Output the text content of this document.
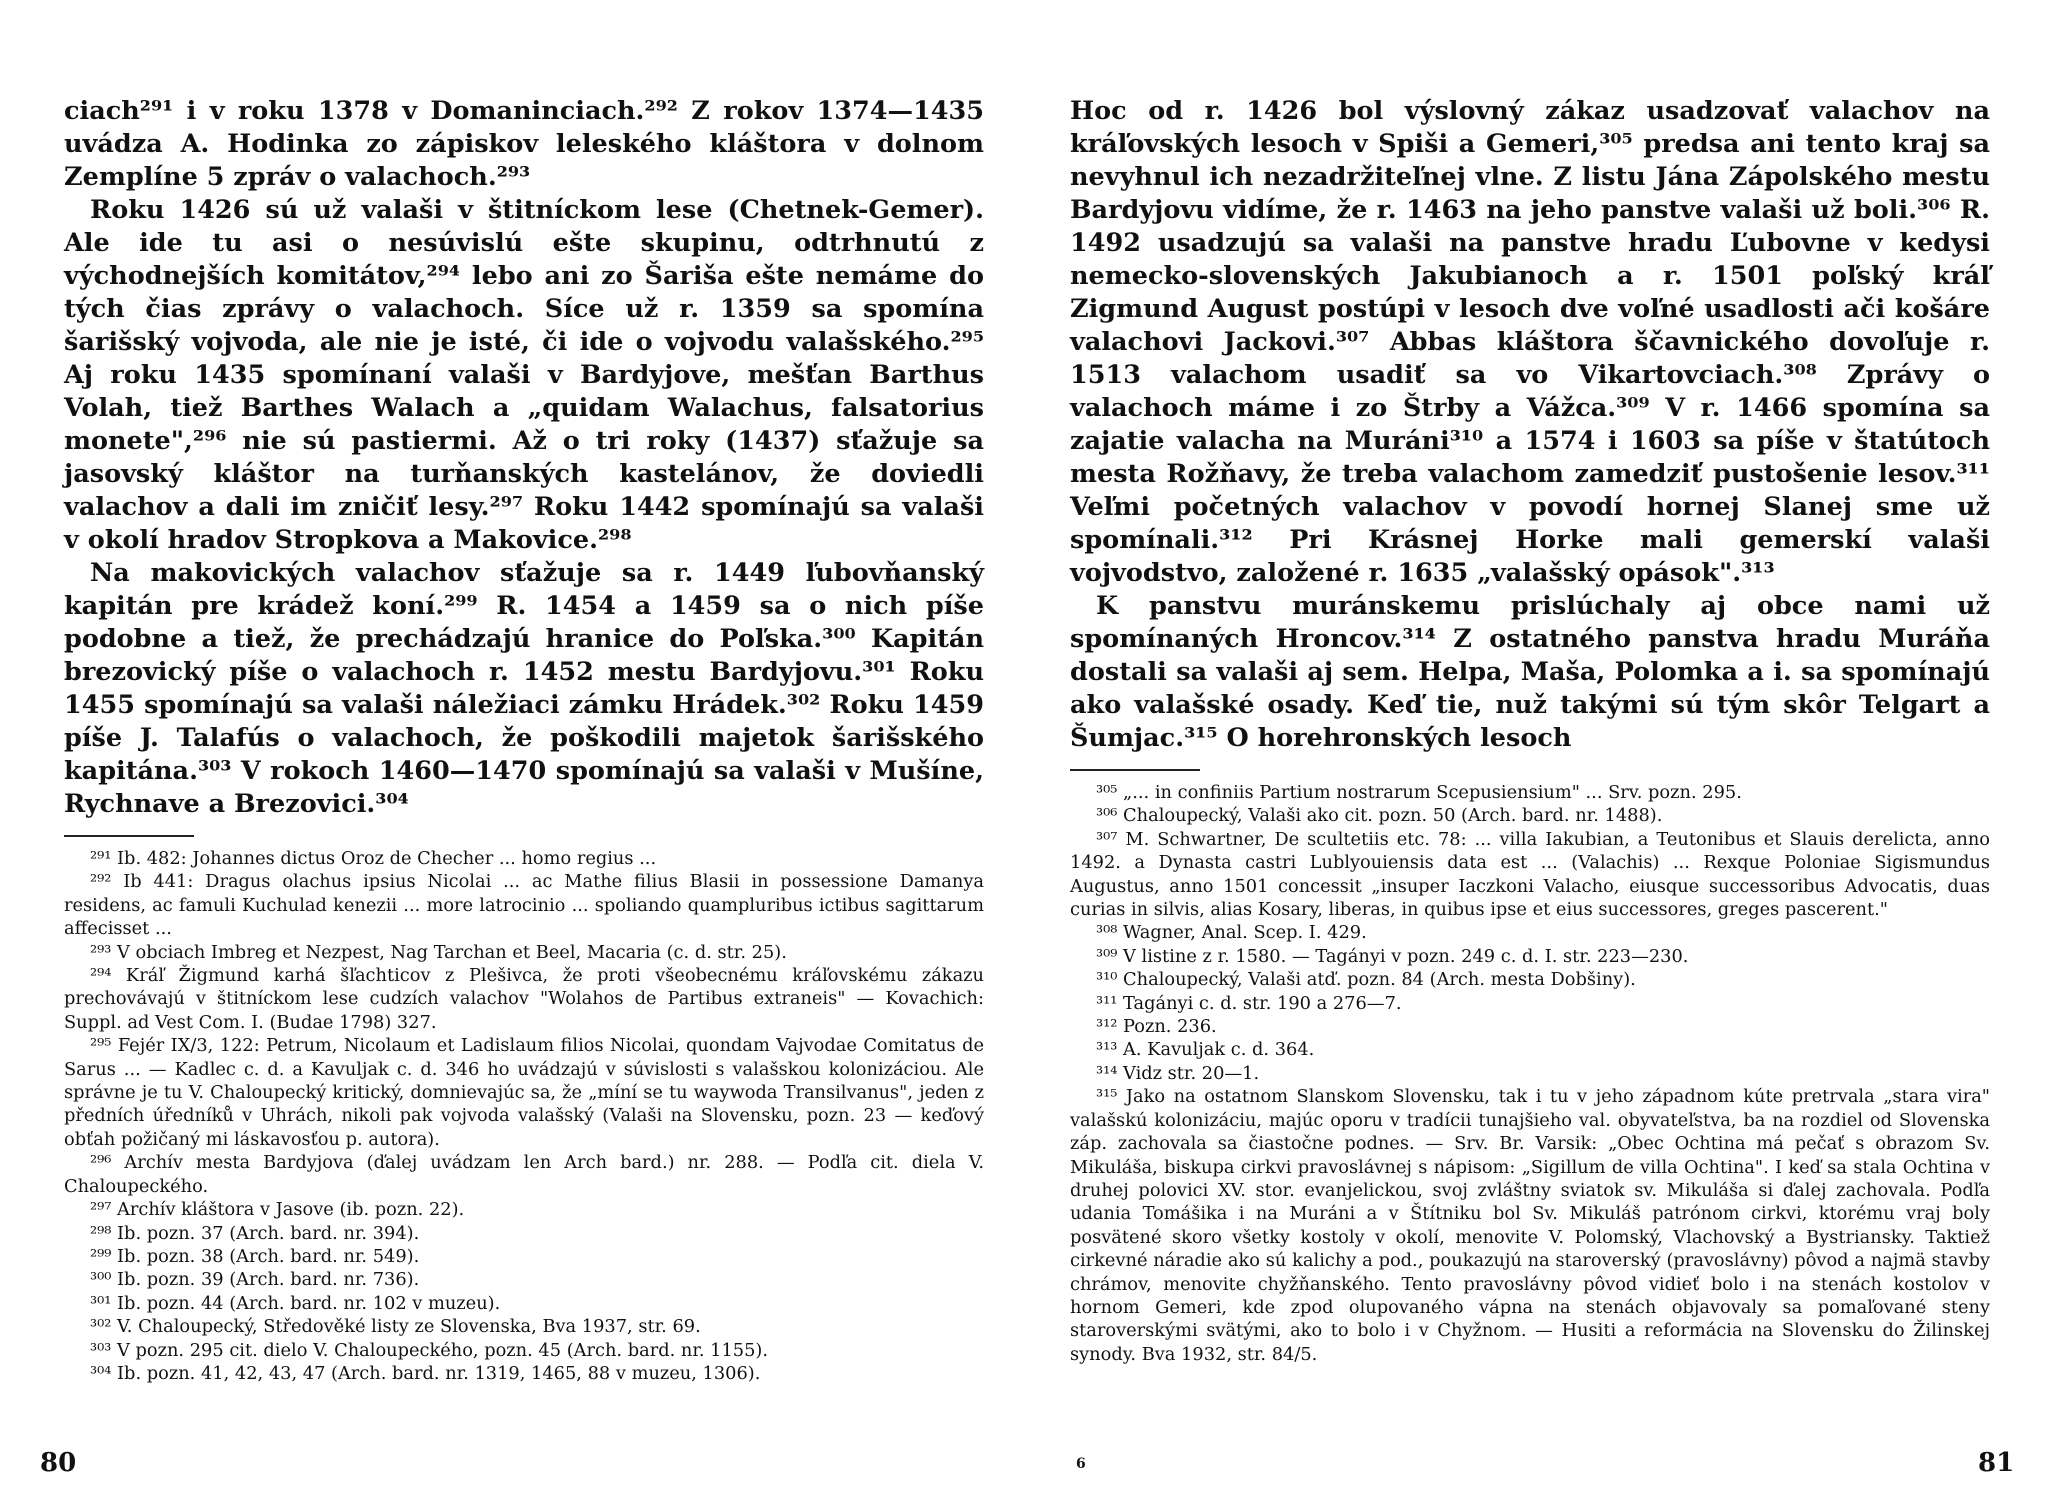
ciach²⁹¹ i v roku 1378 v Domaninciach.²⁹² Z rokov 1374—1435 uvádza A. Hodinka zo zápiskov leleského kláštora v dolnom Zemplíne 5 zpráv o valachoch.²⁹³

Roku 1426 sú už valaši v štitníckom lese (Chetnek-Gemer). Ale ide tu asi o nesúvislú ešte skupinu, odtrhnutú z východnejších komitátov,²⁹⁴ lebo ani zo Šariša ešte nemáme do tých čias zprávy o valachoch. Síce už r. 1359 sa spomína šarišský vojvoda, ale nie je isté, či ide o vojvodu valašského.²⁹⁵ Aj roku 1435 spomínaní valaši v Bardyjove, mešťan Barthus Volah, tiež Barthes Walach a „quidam Walachus, falsatorius monete",²⁹⁶ nie sú pastiermi. Až o tri roky (1437) sťažuje sa jasovský kláštor na turňanských kastelánov, že doviedli valachov a dali im zničiť lesy.²⁹⁷ Roku 1442 spomínajú sa valaši v okolí hradov Stropkova a Makovice.²⁹⁸

Na makovických valachov sťažuje sa r. 1449 ľubovňanský kapitán pre krádež koní.²⁹⁹ R. 1454 a 1459 sa o nich píše podobne a tiež, že prechádzajú hranice do Poľska.³⁰⁰ Kapitán brezovický píše o valachoch r. 1452 mestu Bardyjovu.³⁰¹ Roku 1455 spomínajú sa valaši náležiaci zámku Hrádek.³⁰² Roku 1459 píše J. Talafús o valachoch, že poškodili majetok šarišského kapitána.³⁰³ V rokoch 1460—1470 spomínajú sa valaši v Mušíne, Rychnave a Brezovici.³⁰⁴

²⁹¹ Ib. 482: Johannes dictus Oroz de Checher ... homo regius ...

²⁹² Ib 441: Dragus olachus ipsius Nicolai ... ac Mathe filius Blasii in possessione Damanya residens, ac famuli Kuchulad kenezii ... more latrocinio ... spoliando quampluribus ictibus sagittarum affecisset ...

²⁹³ V obciach Imbreg et Nezpest, Nag Tarchan et Beel, Macaria (c. d. str. 25).

²⁹⁴ Kráľ Žigmund karhá šľachticov z Plešivca, že proti všeobecnému kráľovskému zákazu prechovávajú v štitníckom lese cudzích valachov "Wolahos de Partibus extraneis" — Kovachich: Suppl. ad Vest Com. I. (Budae 1798) 327.

²⁹⁵ Fejér IX/3, 122: Petrum, Nicolaum et Ladislaum filios Nicolai, quondam Vajvodae Comitatus de Sarus ... — Kadlec c. d. a Kavuljak c. d. 346 ho uvádzajú v súvislosti s valašskou kolonizáciou. Ale správne je tu V. Chaloupecký kritický, domnievajúc sa, že „míní se tu waywoda Transilvanus", jeden z předních úředníků v Uhrách, nikoli pak vojvoda valašský (Valaši na Slovensku, pozn. 23 — keďový obťah požičaný mi láskavosťou p. autora).

²⁹⁶ Archív mesta Bardyjova (ďalej uvádzam len Arch bard.) nr. 288. — Podľa cit. diela V. Chaloupeckého.

²⁹⁷ Archív kláštora v Jasove (ib. pozn. 22).

²⁹⁸ Ib. pozn. 37 (Arch. bard. nr. 394).

²⁹⁹ Ib. pozn. 38 (Arch. bard. nr. 549).

³⁰⁰ Ib. pozn. 39 (Arch. bard. nr. 736).

³⁰¹ Ib. pozn. 44 (Arch. bard. nr. 102 v muzeu).

³⁰² V. Chaloupecký, Středověké listy ze Slovenska, Bva 1937, str. 69.

³⁰³ V pozn. 295 cit. dielo V. Chaloupeckého, pozn. 45 (Arch. bard. nr. 1155).

³⁰⁴ Ib. pozn. 41, 42, 43, 47 (Arch. bard. nr. 1319, 1465, 88 v muzeu, 1306).

Hoc od r. 1426 bol výslovný zákaz usadzovať valachov na kráľovských lesoch v Spiši a Gemeri,³⁰⁵ predsa ani tento kraj sa nevyhnul ich nezadržiteľnej vlne. Z listu Jána Zápolského mestu Bardyjovu vidíme, že r. 1463 na jeho panstve valaši už boli.³⁰⁶ R. 1492 usadzujú sa valaši na panstve hradu Ľubovne v kedysi nemecko-slovenských Jakubianoch a r. 1501 poľský kráľ Zigmund August postúpi v lesoch dve voľné usadlosti ači košáre valachovi Jackovi.³⁰⁷ Abbas kláštora ščavnického dovoľuje r. 1513 valachom usadiť sa vo Vikartovciach.³⁰⁸ Zprávy o valachoch máme i zo Štrby a Vážca.³⁰⁹ V r. 1466 spomína sa zajatie valacha na Muráni³¹⁰ a 1574 i 1603 sa píše v štatútoch mesta Rožňavy, že treba valachom zamedziť pustošenie lesov.³¹¹ Veľmi početných valachov v povodí hornej Slanej sme už spomínali.³¹² Pri Krásnej Horke mali gemerskí valaši vojvodstvo, založené r. 1635 „valašský opások".³¹³

K panstvu muránskemu prislúchaly aj obce nami už spomínaných Hroncov.³¹⁴ Z ostatného panstva hradu Muráňa dostali sa valaši aj sem. Helpa, Maša, Polomka a i. sa spomínajú ako valašské osady. Keď tie, nuž takými sú tým skôr Telgart a Šumjac.³¹⁵ O horehronských lesoch

³⁰⁵ „... in confiniis Partium nostrarum Scepusiensium" ... Srv. pozn. 295.

³⁰⁶ Chaloupecký, Valaši ako cit. pozn. 50 (Arch. bard. nr. 1488).

³⁰⁷ M. Schwartner, De scultetiis etc. 78: ... villa Iakubian, a Teutonibus et Slauis derelicta, anno 1492. a Dynasta castri Lublyouiensis data est ... (Valachis) ... Rexque Poloniae Sigismundus Augustus, anno 1501 concessit „insuper Iaczkoni Valacho, eiusque successoribus Advocatis, duas curias in silvis, alias Kosary, liberas, in quibus ipse et eius successores, greges pascerent."

³⁰⁸ Wagner, Anal. Scep. I. 429.

³⁰⁹ V listine z r. 1580. — Tagányi v pozn. 249 c. d. I. str. 223—230.

³¹⁰ Chaloupecký, Valaši atď. pozn. 84 (Arch. mesta Dobšiny).

³¹¹ Tagányi c. d. str. 190 a 276—7.

³¹² Pozn. 236.

³¹³ A. Kavuljak c. d. 364.

³¹⁴ Vidz str. 20—1.

³¹⁵ Jako na ostatnom Slanskom Slovensku, tak i tu v jeho západnom kúte pretrvala „stara vira" valašskú kolonizáciu, majúc oporu v tradícii tunajšieho val. obyvateľstva, ba na rozdiel od Slovenska záp. zachovala sa čiastočne podnes. — Srv. Br. Varsik: „Obec Ochtina má pečať s obrazom Sv. Mikuláša, biskupa cirkvi pravoslávnej s nápisom: „Sigillum de villa Ochtina". I keď sa stala Ochtina v druhej polovici XV. stor. evanjelickou, svoj zvláštny sviatok sv. Mikuláša si ďalej zachovala. Podľa udania Tomášika i na Muráni a v Štítniku bol Sv. Mikuláš patrónom cirkvi, ktorému vraj boly posvätené skoro všetky kostoly v okolí, menovite V. Polomský, Vlachovský a Bystriansky. Taktiež cirkevné náradie ako sú kalichy a pod., poukazujú na staroverský (pravoslávny) pôvod a najmä stavby chrámov, menovite chyžňanského. Tento pravoslávny pôvod vidieť bolo i na stenách kostolov v hornom Gemeri, kde zpod olupovaného vápna na stenách objavovaly sa pomaľované steny staroverskými svätými, ako to bolo i v Chyžnom. — Husiti a reformácia na Slovensku do Žilinskej synody. Bva 1932, str. 84/5.

80	6	81
